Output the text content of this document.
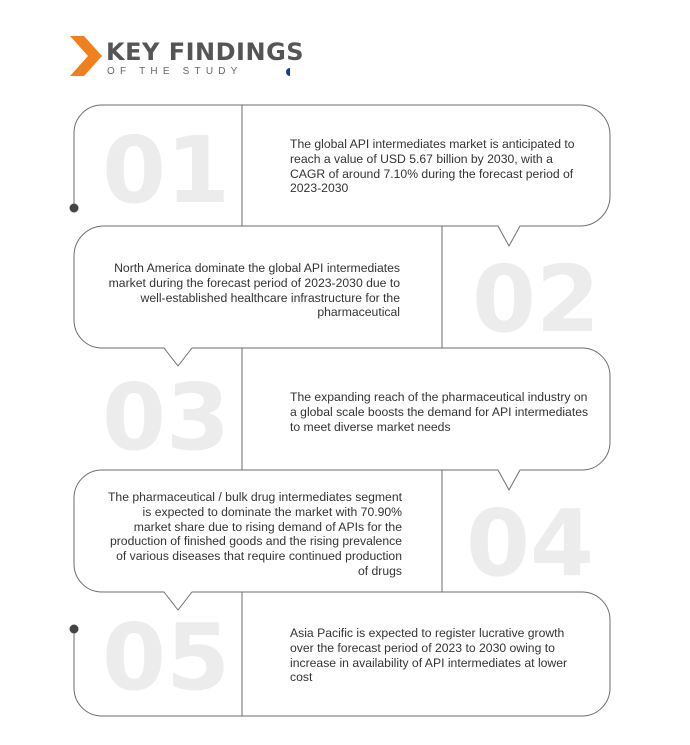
KEY FINDINGS

OF THE STUDY

01	The global API intermediates market is anticipated to reach a value of USD 5.67 billion by 2030, with a CAGR of around 7.10% during the forecast period of 2023-2030

02

North America dominate the global API intermediates market during the forecast period of 2023-2030 due to well-established healthcare infrastructure for the pharmaceutical

03	The expanding reach of the pharmaceutical industry on a global scale boosts the demand for API intermediates to meet diverse market needs

04

The pharmaceutical / bulk drug intermediates segment is expected to dominate the market with 70.90% market share due to rising demand of APIs for the production of finished goods and the rising prevalence of various diseases that require continued production of drugs

05	Asia Pacific is expected to register lucrative growth over the forecast period of 2023 to 2030 owing to increase in availability of API intermediates at lower cost
